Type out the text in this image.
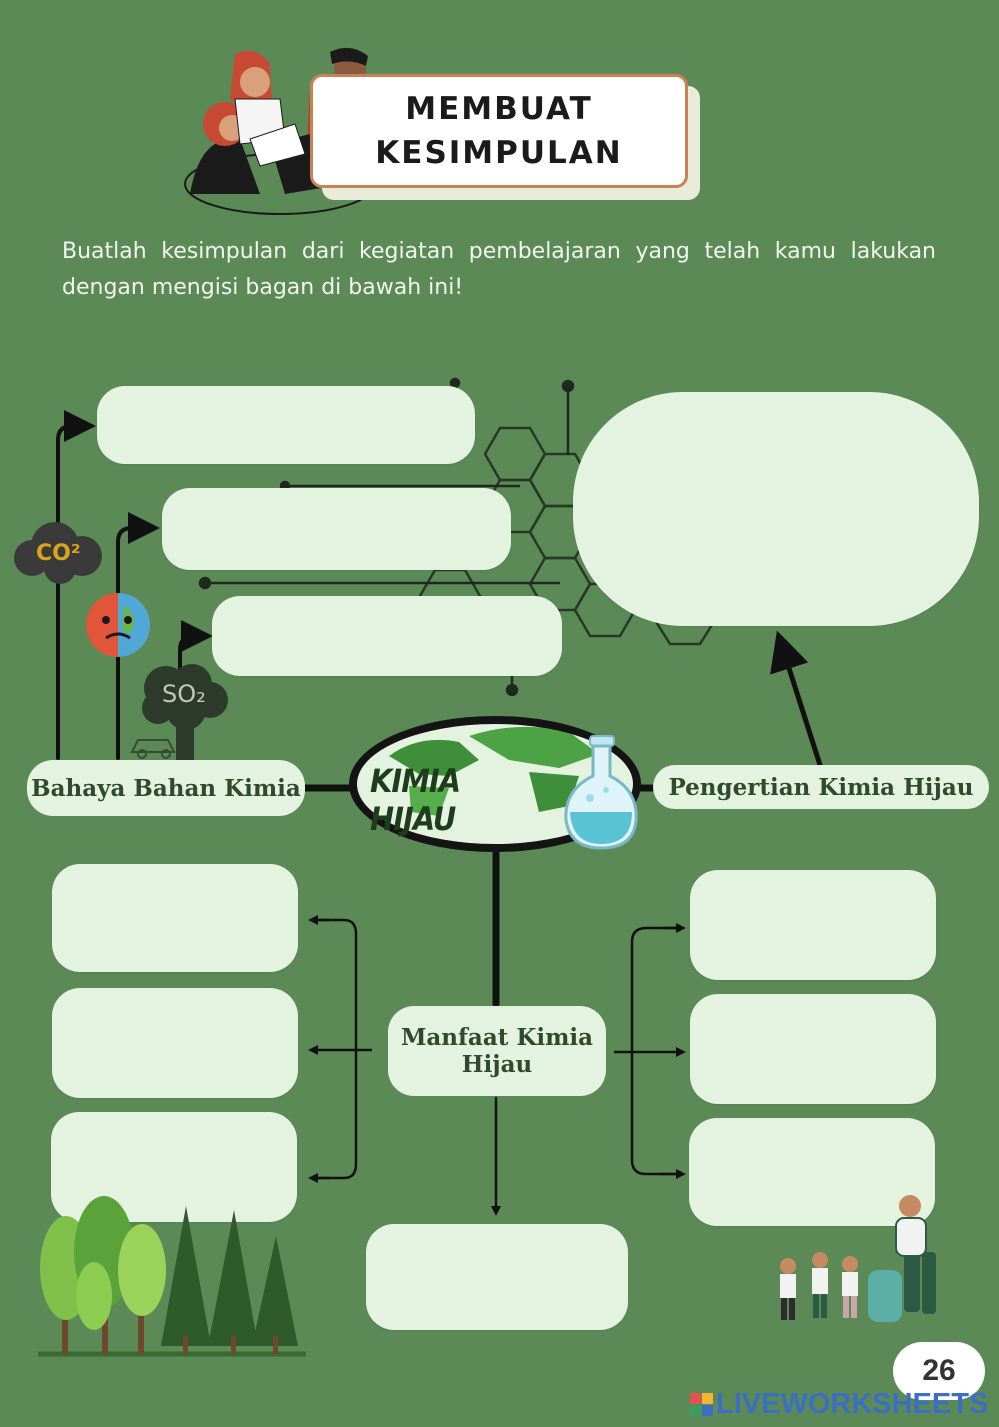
MEMBUAT
KESIMPULAN
Buatlah kesimpulan dari kegiatan pembelajaran yang telah kamu lakukan dengan mengisi bagan di bawah ini!
CO²
SO₂
KIMIA HIJAU
Bahaya Bahan Kimia	Pengertian Kimia Hijau
Manfaat Kimia Hijau
26
LIVEWORKSHEETS
